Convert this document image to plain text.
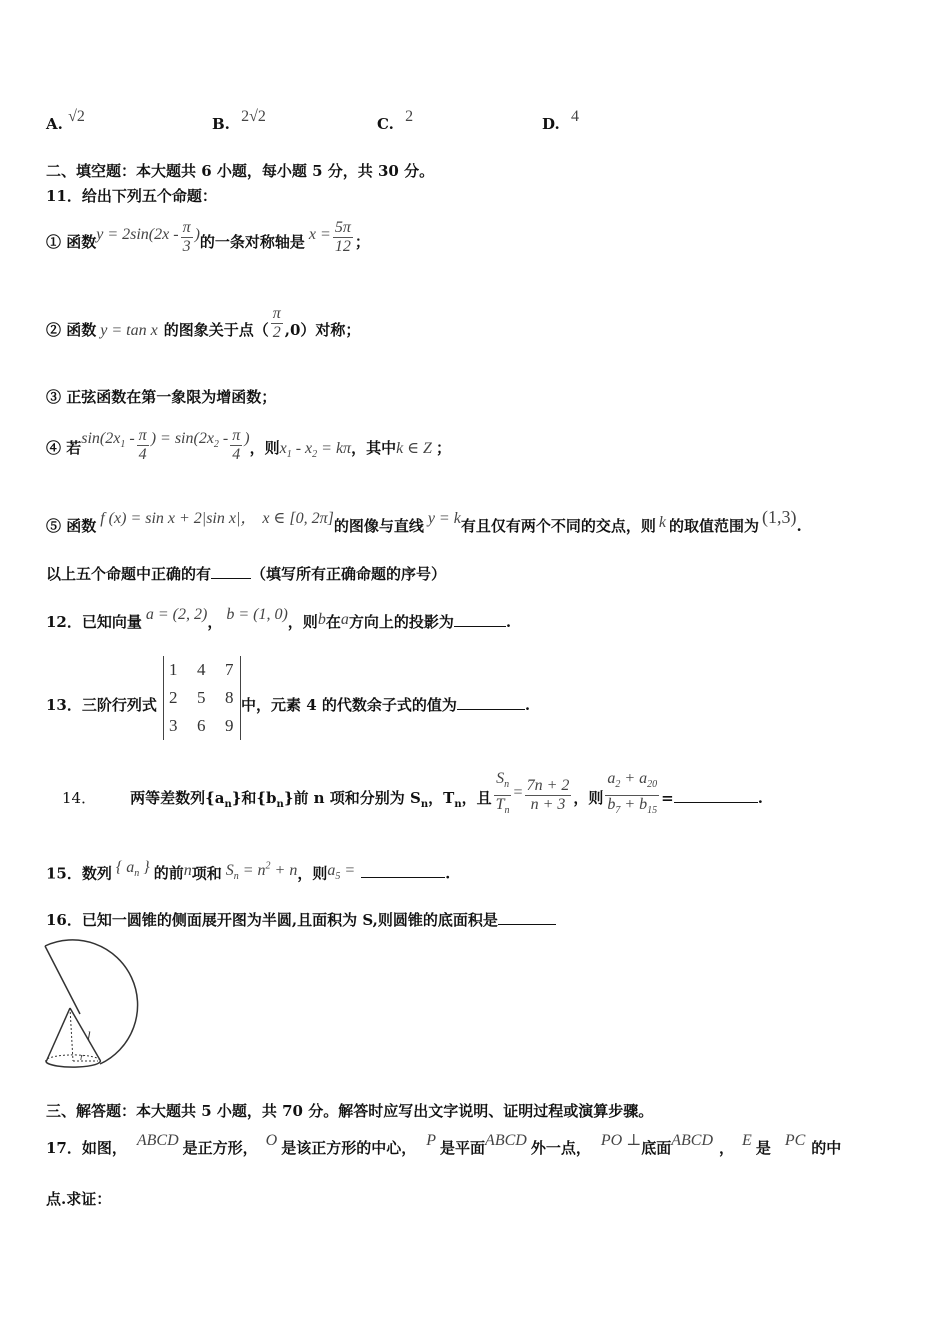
A. √2	B. 2√2	C. 2	D. 4
二、填空题：本大题共 6 小题，每小题 5 分，共 30 分。
11．给出下列五个命题：
① 函数$y = 2\sin(2x - \frac{\pi}{3}$ )的一条对称轴是 $x = \frac{5\pi}{12}$ ；
② 函数 y = tan x 的图象关于点（ $\frac{\pi}{2} ,0$）对称；
③ 正弦函数在第一象限为增函数；
④ 若$\sin(2x_1 - \frac{\pi}{4}$ ) = $\sin(2x_2 - \frac{\pi}{4}$ )，则$x_1 - x_2 = k\pi$，其中k ∈ Z ；
⑤ 函数 f (x) = sin x + 2|sin x|， x ∈ [0, 2π]的图像与直线 y = k有且仅有两个不同的交点，则 k 的取值范围为 (1,3).
以上五个命题中正确的有	（填写所有正确命题的序号）
12．已知向量 a = (2, 2)， b = (1, 0)，则b在a方向上的投影为	.
13．三阶行列式
1 4 7
2 5 8
3 6 9
中，元素 4 的代数余子式的值为	.
14． 两等差数列$\{a_n\}$和$\{b_n\}$前 n 项和分别为 $S_n$，$T_n$，且 $\frac{S_n}{T_n} = \frac{7n + 2}{n + 3}$ ，则 $\frac{a_2 + a_{20}}{b_7 + b_{15}}$ =	.
15．数列 { $a_n$ } 的前n项和 $S_n = n^2 + n$，则$a_5$ =	.
16．已知一圆锥的侧面展开图为半圆,且面积为 S,则圆锥的底面积是
l
r
三、解答题：本大题共 5 小题，共 70 分。解答时应写出文字说明、证明过程或演算步骤。
17．如图， ABCD 是正方形， O 是该正方形的中心， P 是平面ABCD 外一点， PO ⊥底面ABCD ， E 是 PC 的中
点.求证：
